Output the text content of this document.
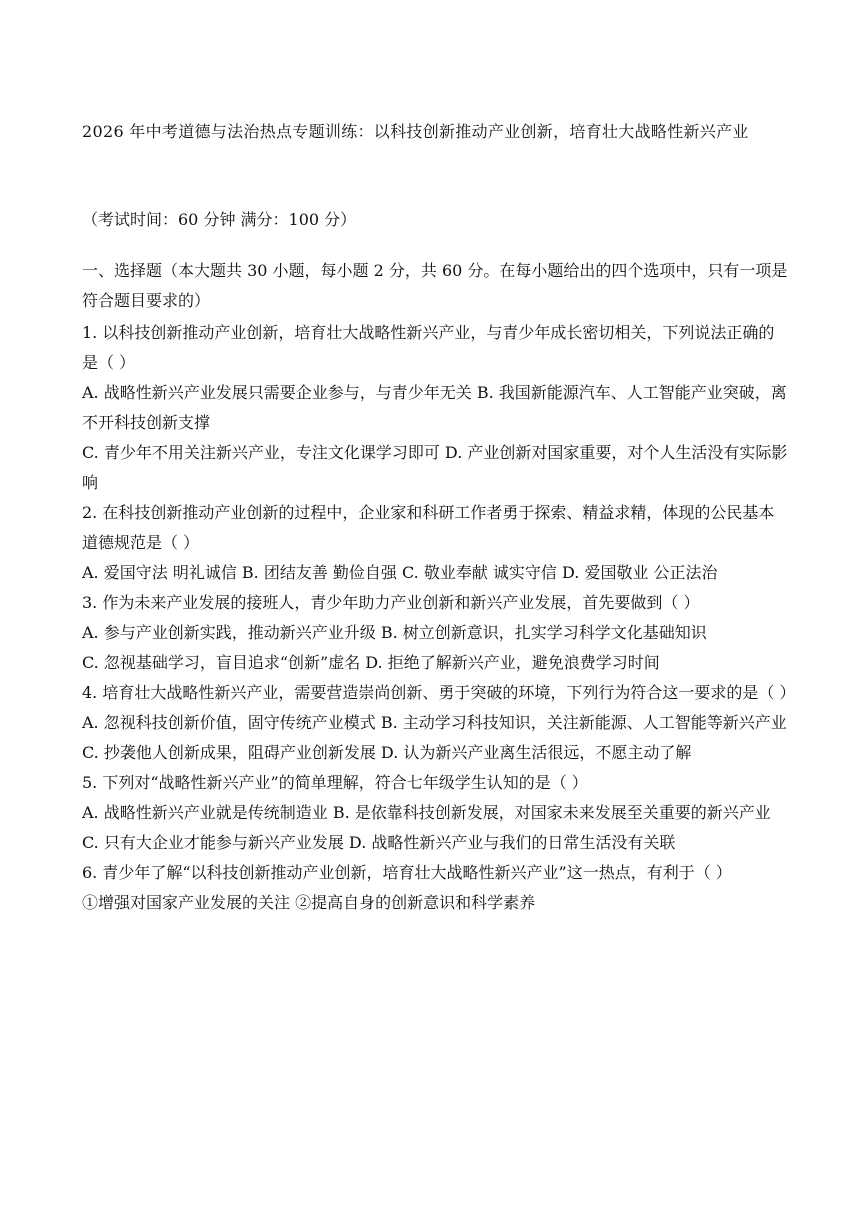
2026 年中考道德与法治热点专题训练：以科技创新推动产业创新，培育壮大战略性新兴产业
（考试时间：60 分钟 满分：100 分）
一、选择题（本大题共 30 小题，每小题 2 分，共 60 分。在每小题给出的四个选项中，只有一项是符合题目要求的）
1. 以科技创新推动产业创新，培育壮大战略性新兴产业，与青少年成长密切相关，下列说法正确的是（ ）
A. 战略性新兴产业发展只需要企业参与，与青少年无关 B. 我国新能源汽车、人工智能产业突破，离不开科技创新支撑
C. 青少年不用关注新兴产业，专注文化课学习即可 D. 产业创新对国家重要，对个人生活没有实际影响
2. 在科技创新推动产业创新的过程中，企业家和科研工作者勇于探索、精益求精，体现的公民基本道德规范是（ ）
A. 爱国守法 明礼诚信 B. 团结友善 勤俭自强 C. 敬业奉献 诚实守信 D. 爱国敬业 公正法治
3. 作为未来产业发展的接班人，青少年助力产业创新和新兴产业发展，首先要做到（ ）
A. 参与产业创新实践，推动新兴产业升级 B. 树立创新意识，扎实学习科学文化基础知识
C. 忽视基础学习，盲目追求“创新”虚名 D. 拒绝了解新兴产业，避免浪费学习时间
4. 培育壮大战略性新兴产业，需要营造崇尚创新、勇于突破的环境，下列行为符合这一要求的是（ ）
A. 忽视科技创新价值，固守传统产业模式 B. 主动学习科技知识，关注新能源、人工智能等新兴产业
C. 抄袭他人创新成果，阻碍产业创新发展 D. 认为新兴产业离生活很远，不愿主动了解
5. 下列对“战略性新兴产业”的简单理解，符合七年级学生认知的是（ ）
A. 战略性新兴产业就是传统制造业 B. 是依靠科技创新发展，对国家未来发展至关重要的新兴产业
C. 只有大企业才能参与新兴产业发展 D. 战略性新兴产业与我们的日常生活没有关联
6. 青少年了解“以科技创新推动产业创新，培育壮大战略性新兴产业”这一热点，有利于（ ）
①增强对国家产业发展的关注 ②提高自身的创新意识和科学素养
